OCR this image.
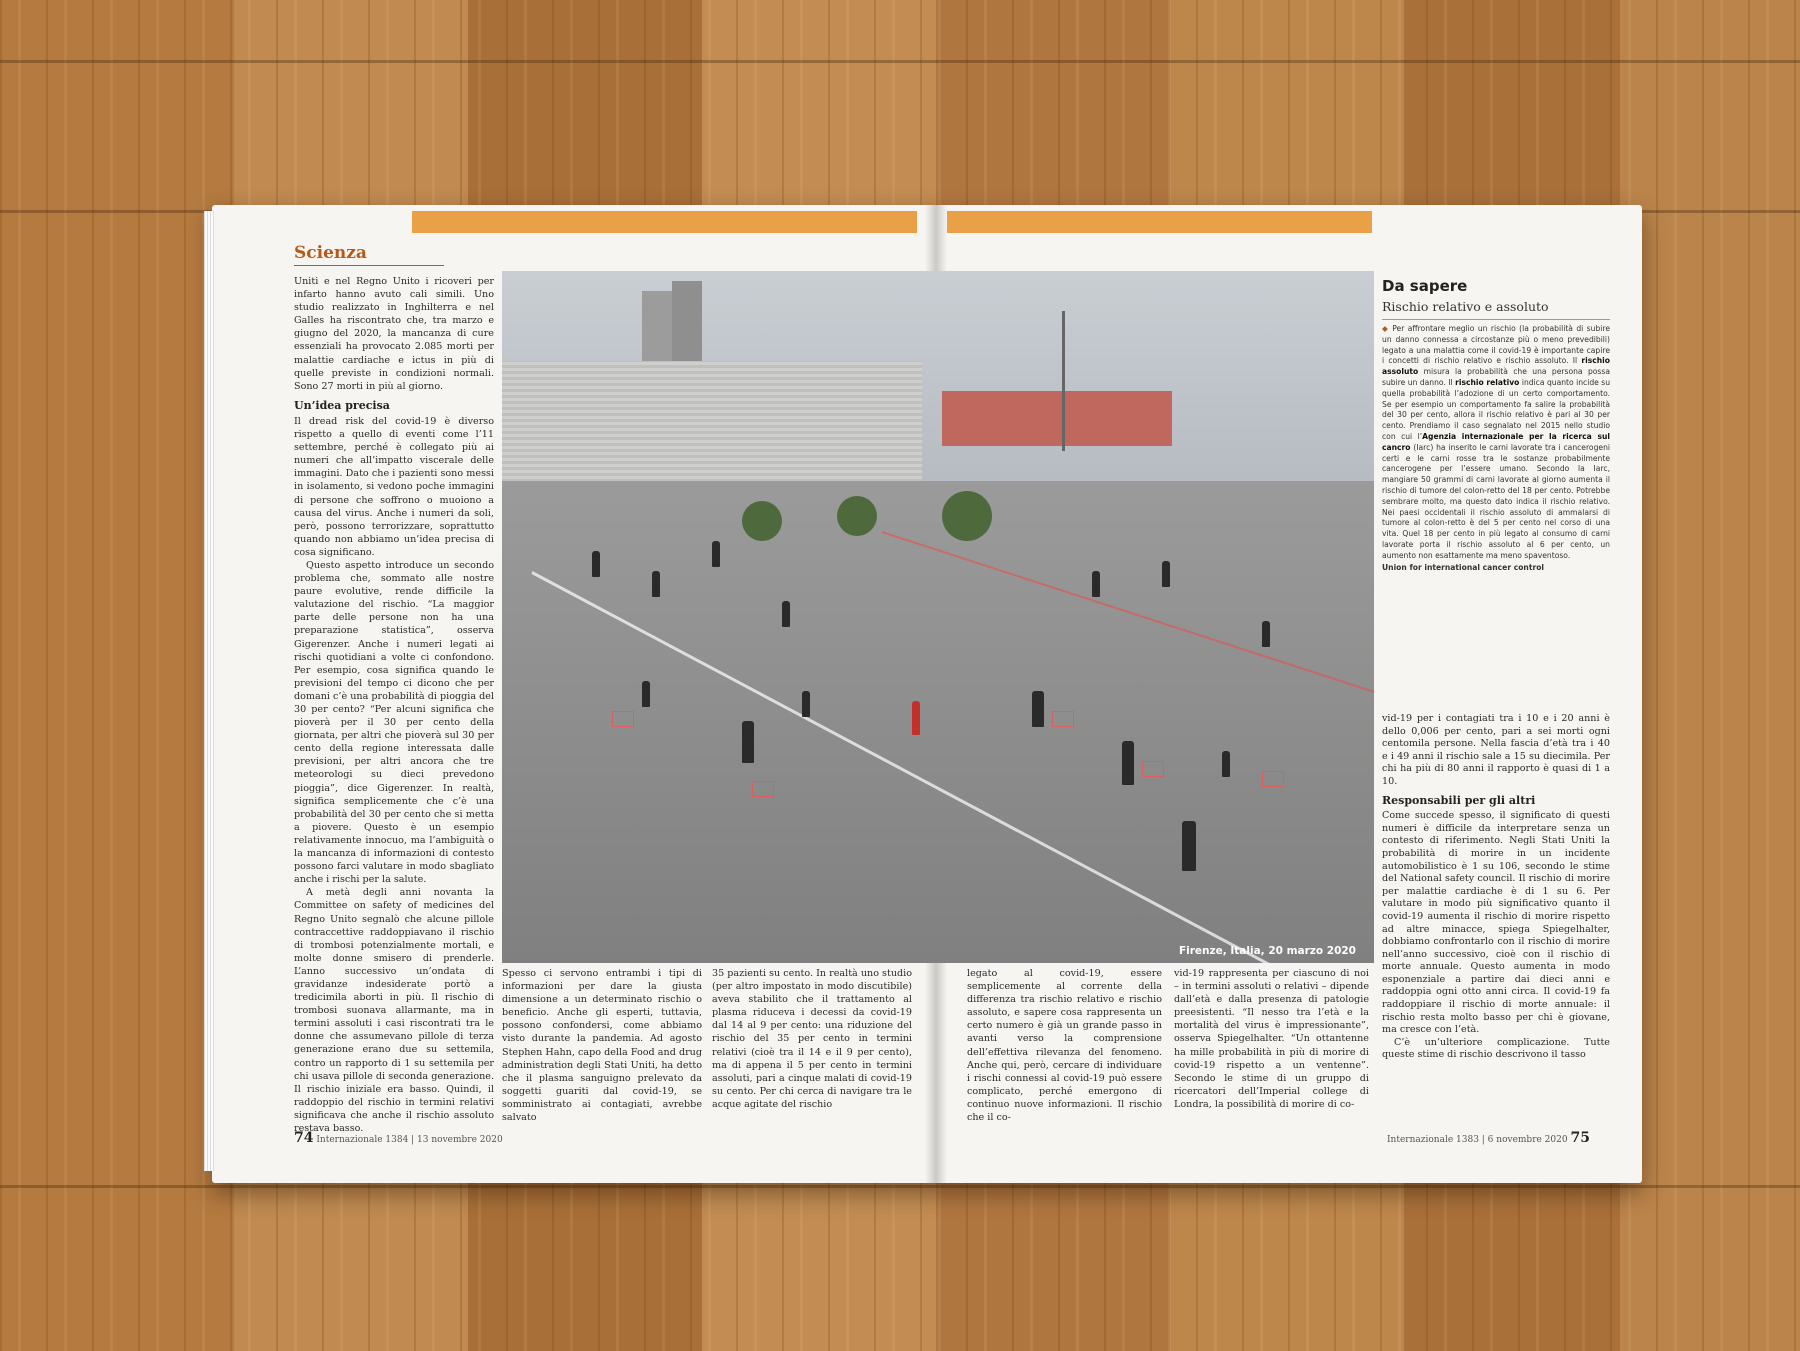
Scienza

Uniti e nel Regno Unito i ricoveri per infarto hanno avuto cali simili. Uno studio realizzato in Inghilterra e nel Galles ha riscontrato che, tra marzo e giugno del 2020, la mancanza di cure essenziali ha provocato 2.085 morti per malattie cardiache e ictus in più di quelle previste in condizioni normali. Sono 27 morti in più al giorno.

Un’idea precisa

Il dread risk del covid-19 è diverso rispetto a quello di eventi come l’11 settembre, perché è collegato più ai numeri che all’impatto viscerale delle immagini. Dato che i pazienti sono messi in isolamento, si vedono poche immagini di persone che soffrono o muoiono a causa del virus. Anche i numeri da soli, però, possono terrorizzare, soprattutto quando non abbiamo un’idea precisa di cosa significano.

Questo aspetto introduce un secondo problema che, sommato alle nostre paure evolutive, rende difficile la valutazione del rischio. “La maggior parte delle persone non ha una preparazione statistica”, osserva Gigerenzer. Anche i numeri legati ai rischi quotidiani a volte ci confondono. Per esempio, cosa significa quando le previsioni del tempo ci dicono che per domani c’è una probabilità di pioggia del 30 per cento? “Per alcuni significa che pioverà per il 30 per cento della giornata, per altri che pioverà sul 30 per cento della regione interessata dalle previsioni, per altri ancora che tre meteorologi su dieci prevedono pioggia”, dice Gigerenzer. In realtà, significa semplicemente che c’è una probabilità del 30 per cento che si metta a piovere. Questo è un esempio relativamente innocuo, ma l’ambiguità o la mancanza di informazioni di contesto possono farci valutare in modo sbagliato anche i rischi per la salute.

A metà degli anni novanta la Committee on safety of medicines del Regno Unito segnalò che alcune pillole contraccettive raddoppiavano il rischio di trombosi potenzialmente mortali, e molte donne smisero di prenderle. L’anno successivo un’ondata di gravidanze indesiderate portò a tredicimila aborti in più. Il rischio di trombosi suonava allarmante, ma in termini assoluti i casi riscontrati tra le donne che assumevano pillole di terza generazione erano due su settemila, contro un rapporto di 1 su settemila per chi usava pillole di seconda generazione. Il rischio iniziale era basso. Quindi, il raddoppio del rischio in termini relativi significava che anche il rischio assoluto restava basso.

Firenze, Italia, 20 marzo 2020

Spesso ci servono entrambi i tipi di informazioni per dare la giusta dimensione a un determinato rischio o beneficio. Anche gli esperti, tuttavia, possono confondersi, come abbiamo visto durante la pandemia. Ad agosto Stephen Hahn, capo della Food and drug administration degli Stati Uniti, ha detto che il plasma sanguigno prelevato da soggetti guariti dal covid-19, se somministrato ai contagiati, avrebbe salvato

35 pazienti su cento. In realtà uno studio (per altro impostato in modo discutibile) aveva stabilito che il trattamento al plasma riduceva i decessi da covid-19 dal 14 al 9 per cento: una riduzione del rischio del 35 per cento in termini relativi (cioè tra il 14 e il 9 per cento), ma di appena il 5 per cento in termini assoluti, pari a cinque malati di covid-19 su cento. Per chi cerca di navigare tra le acque agitate del rischio

legato al covid-19, essere semplicemente al corrente della differenza tra rischio relativo e rischio assoluto, e sapere cosa rappresenta un certo numero è già un grande passo in avanti verso la comprensione dell’effettiva rilevanza del fenomeno. Anche qui, però, cercare di individuare i rischi connessi al covid-19 può essere complicato, perché emergono di continuo nuove informazioni. Il rischio che il co-

vid-19 rappresenta per ciascuno di noi – in termini assoluti o relativi – dipende dall’età e dalla presenza di patologie preesistenti. “Il nesso tra l’età e la mortalità del virus è impressionante”, osserva Spiegelhalter. “Un ottantenne ha mille probabilità in più di morire di covid-19 rispetto a un ventenne”. Secondo le stime di un gruppo di ricercatori dell’Imperial college di Londra, la possibilità di morire di co-

Da sapere
Rischio relativo e assoluto
◆ Per affrontare meglio un rischio (la probabilità di subire un danno connessa a circostanze più o meno prevedibili) legato a una malattia come il covid-19 è importante capire i concetti di rischio relativo e rischio assoluto. Il rischio assoluto misura la probabilità che una persona possa subire un danno. Il rischio relativo indica quanto incide su quella probabilità l’adozione di un certo comportamento. Se per esempio un comportamento fa salire la probabilità del 30 per cento, allora il rischio relativo è pari al 30 per cento. Prendiamo il caso segnalato nel 2015 nello studio con cui l’Agenzia internazionale per la ricerca sul cancro (Iarc) ha inserito le carni lavorate tra i cancerogeni certi e le carni rosse tra le sostanze probabilmente cancerogene per l’essere umano. Secondo la Iarc, mangiare 50 grammi di carni lavorate al giorno aumenta il rischio di tumore del colon-retto del 18 per cento. Potrebbe sembrare molto, ma questo dato indica il rischio relativo. Nei paesi occidentali il rischio assoluto di ammalarsi di tumore al colon-retto è del 5 per cento nel corso di una vita. Quel 18 per cento in più legato al consumo di carni lavorate porta il rischio assoluto al 6 per cento, un aumento non esattamente ma meno spaventoso.
Union for international cancer control

vid-19 per i contagiati tra i 10 e i 20 anni è dello 0,006 per cento, pari a sei morti ogni centomila persone. Nella fascia d’età tra i 40 e i 49 anni il rischio sale a 15 su diecimila. Per chi ha più di 80 anni il rapporto è quasi di 1 a 10.

Responsabili per gli altri

Come succede spesso, il significato di questi numeri è difficile da interpretare senza un contesto di riferimento. Negli Stati Uniti la probabilità di morire in un incidente automobilistico è 1 su 106, secondo le stime del National safety council. Il rischio di morire per malattie cardiache è di 1 su 6. Per valutare in modo più significativo quanto il covid-19 aumenta il rischio di morire rispetto ad altre minacce, spiega Spiegelhalter, dobbiamo confrontarlo con il rischio di morire nell’anno successivo, cioè con il rischio di morte annuale. Questo aumenta in modo esponenziale a partire dai dieci anni e raddoppia ogni otto anni circa. Il covid-19 fa raddoppiare il rischio di morte annuale: il rischio resta molto basso per chi è giovane, ma cresce con l’età.

C’è un’ulteriore complicazione. Tutte queste stime di rischio descrivono il tasso

74 Internazionale 1384 | 13 novembre 2020	Internazionale 1383 | 6 novembre 2020 75
